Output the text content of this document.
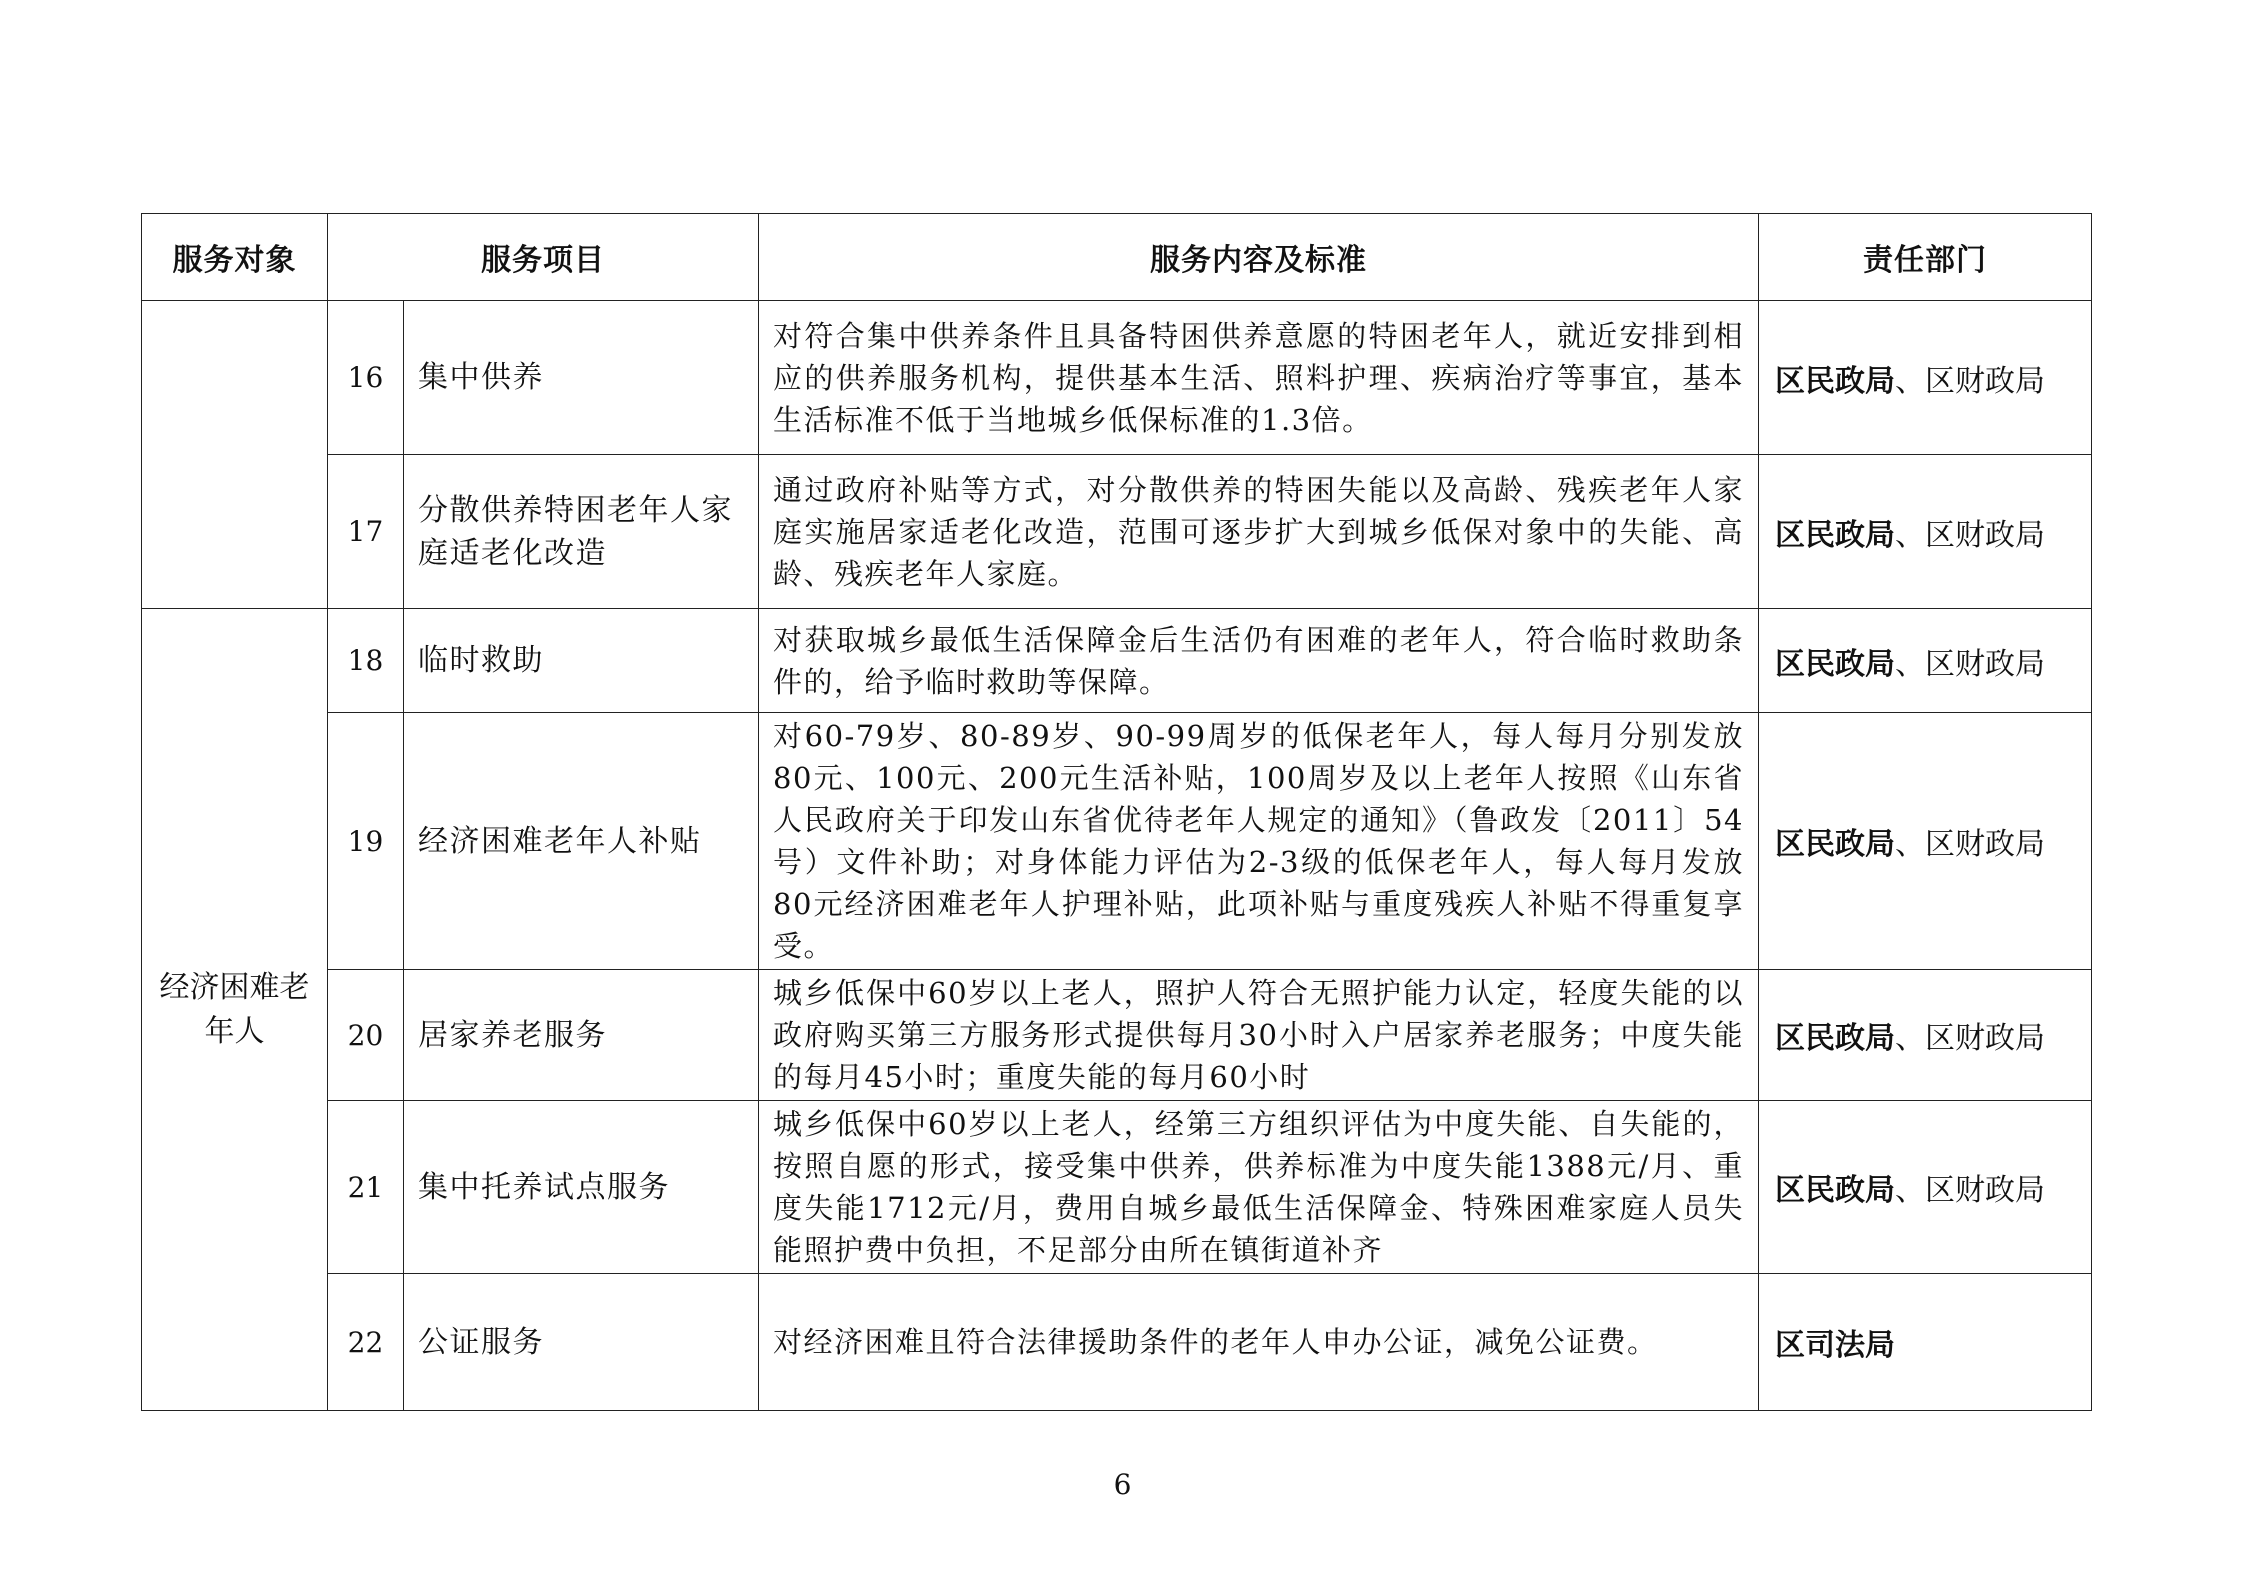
服务对象	服务项目		服务内容及标准	责任部门
	16	集中供养	对符合集中供养条件且具备特困供养意愿的特困老年人，就近安排到相应的供养服务机构，提供基本生活、照料护理、疾病治疗等事宜，基本生活标准不低于当地城乡低保标准的1.3倍。	区民政局、区财政局
	17	分散供养特困老年人家庭适老化改造	通过政府补贴等方式，对分散供养的特困失能以及高龄、残疾老年人家庭实施居家适老化改造，范围可逐步扩大到城乡低保对象中的失能、高龄、残疾老年人家庭。	区民政局、区财政局
经济困难老年人	18	临时救助	对获取城乡最低生活保障金后生活仍有困难的老年人，符合临时救助条件的，给予临时救助等保障。	区民政局、区财政局
	19	经济困难老年人补贴	对60-79岁、80-89岁、90-99周岁的低保老年人，每人每月分别发放80元、100元、200元生活补贴，100周岁及以上老年人按照《山东省人民政府关于印发山东省优待老年人规定的通知》（鲁政发〔2011〕54号）文件补助；对身体能力评估为2-3级的低保老年人，每人每月发放80元经济困难老年人护理补贴，此项补贴与重度残疾人补贴不得重复享受。	区民政局、区财政局
	20	居家养老服务	城乡低保中60岁以上老人，照护人符合无照护能力认定，轻度失能的以政府购买第三方服务形式提供每月30小时入户居家养老服务；中度失能的每月45小时；重度失能的每月60小时	区民政局、区财政局
	21	集中托养试点服务	城乡低保中60岁以上老人，经第三方组织评估为中度失能、自失能的，按照自愿的形式，接受集中供养，供养标准为中度失能1388元/月、重度失能1712元/月，费用自城乡最低生活保障金、特殊困难家庭人员失能照护费中负担，不足部分由所在镇街道补齐	区民政局、区财政局
	22	公证服务	对经济困难且符合法律援助条件的老年人申办公证，减免公证费。	区司法局
6
